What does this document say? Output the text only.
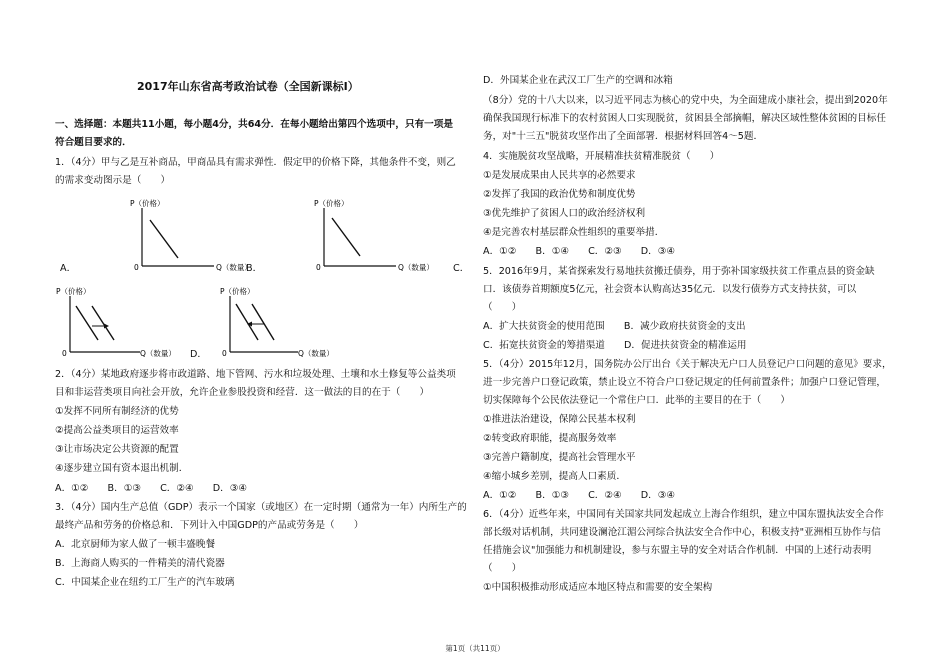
2017年山东省高考政治试卷（全国新课标Ⅰ）
一、选择题：本题共11小题，每小题4分，共64分．在每小题给出第四个选项中，只有一项是
符合题目要求的．
1．（4分）甲与乙是互补商品，甲商品具有需求弹性．假定甲的价格下降，其他条件不变，则乙
的需求变动图示是（　　）
P（价格）
0	Q（数量）
A．	B．
P（价格）
0	Q（数量） C．
P（价格）
0	Q（数量）
P（价格）
0	Q（数量）
D．
2．（4分）某地政府逐步将市政道路、地下管网、污水和垃圾处理、土壤和水土修复等公益类项
目和非运营类项目向社会开放，允许企业参股投资和经营．这一做法的目的在于（　　）
①发挥不同所有制经济的优势
②提高公益类项目的运营效率
③让市场决定公共资源的配置
④逐步建立国有资本退出机制．
A．①②　　B．①③　　C．②④　　D．③④
3．（4分）国内生产总值（GDP）表示一个国家（或地区）在一定时期（通常为一年）内所生产的
最终产品和劳务的价格总和．下列计入中国GDP的产品或劳务是（　　）
A．北京厨师为家人做了一顿丰盛晚餐
B．上海商人购买的一件精美的清代瓷器
C．中国某企业在纽约工厂生产的汽车玻璃
D．外国某企业在武汉工厂生产的空调和冰箱
（8分）党的十八大以来，以习近平同志为核心的党中央，为全面建成小康社会，提出到2020年
确保我国现行标准下的农村贫困人口实现脱贫，贫困县全部摘帽，解决区域性整体贫困的目标任
务，对"十三五"脱贫攻坚作出了全面部署．根据材料回答4～5题．
4．实施脱贫攻坚战略，开展精准扶贫精准脱贫（　　）
①是发展成果由人民共享的必然要求
②发挥了我国的政治优势和制度优势
③优先维护了贫困人口的政治经济权利
④是完善农村基层群众性组织的重要举措．
A．①②　　B．①④　　C．②③　　D．③④
5．2016年9月，某省探索发行易地扶贫搬迁债券，用于弥补国家级扶贫工作重点县的资金缺
口．该债券首期额度5亿元，社会资本认购高达35亿元．以发行债券方式支持扶贫，可以
（　　）
A．扩大扶贫资金的使用范围　　B．减少政府扶贫资金的支出
C．拓宽扶贫资金的筹措渠道　　D．促进扶贫资金的精准运用
5．（4分）2015年12月，国务院办公厅出台《关于解决无户口人员登记户口问题的意见》要求，
进一步完善户口登记政策，禁止设立不符合户口登记规定的任何前置条件；加强户口登记管理，
切实保障每个公民依法登记一个常住户口．此举的主要目的在于（　　）
①推进法治建设，保障公民基本权利
②转变政府职能，提高服务效率
③完善户籍制度，提高社会管理水平
④缩小城乡差别，提高人口素质．
A．①②　　B．①③　　C．②④　　D．③④
6．（4分）近些年来，中国同有关国家共同发起成立上海合作组织，建立中国东盟执法安全合作
部长级对话机制，共同建设澜沧江湄公河综合执法安全合作中心，积极支持"亚洲相互协作与信
任措施会议"加强能力和机制建设，参与东盟主导的安全对话合作机制．中国的上述行动表明
（　　）
①中国积极推动形成适应本地区特点和需要的安全架构
第1页（共11页）
